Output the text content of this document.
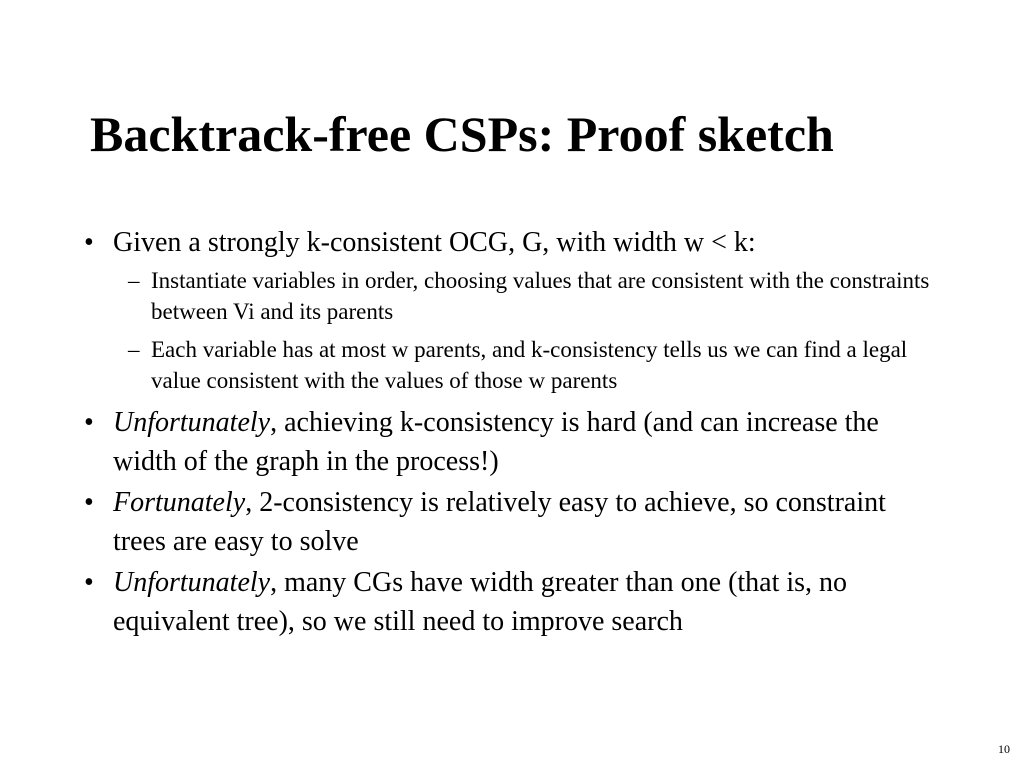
Backtrack-free CSPs: Proof sketch
• Given a strongly k-consistent OCG, G, with width w < k:
– Instantiate variables in order, choosing values that are consistent with the constraints between Vi and its parents
– Each variable has at most w parents, and k-consistency tells us we can find a legal value consistent with the values of those w parents
• Unfortunately, achieving k-consistency is hard (and can increase the width of the graph in the process!)
• Fortunately, 2-consistency is relatively easy to achieve, so constraint trees are easy to solve
• Unfortunately, many CGs have width greater than one (that is, no equivalent tree), so we still need to improve search
10
